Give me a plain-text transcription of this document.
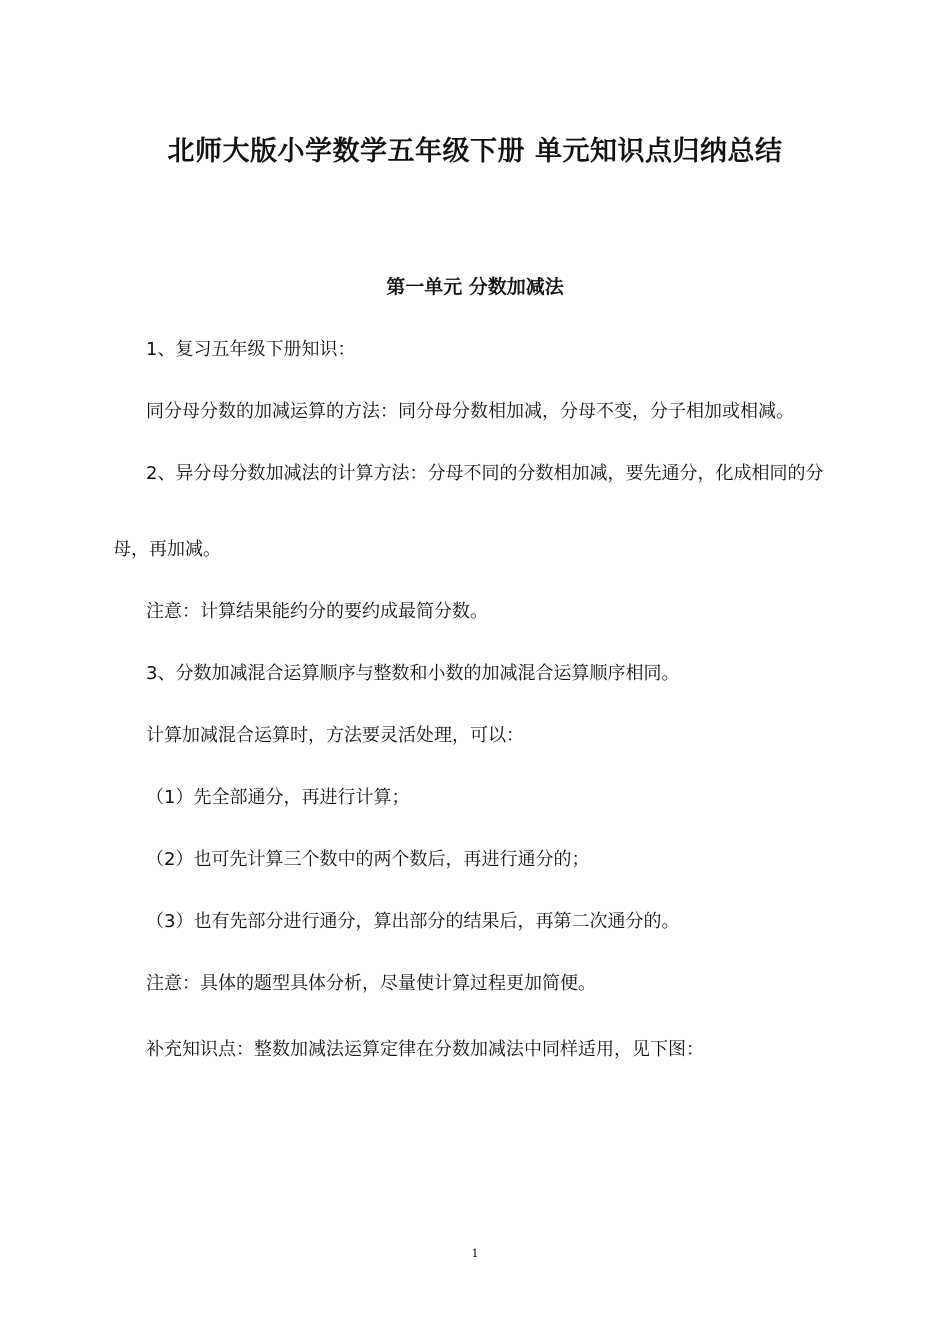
北师大版小学数学五年级下册 单元知识点归纳总结
第一单元 分数加减法

1、复习五年级下册知识：

同分母分数的加减运算的方法：同分母分数相加减，分母不变，分子相加或相减。

2、异分母分数加减法的计算方法：分母不同的分数相加减，要先通分，化成相同的分

母，再加减。

注意：计算结果能约分的要约成最简分数。

3、分数加减混合运算顺序与整数和小数的加减混合运算顺序相同。

计算加减混合运算时，方法要灵活处理，可以：

（1）先全部通分，再进行计算；

（2）也可先计算三个数中的两个数后，再进行通分的；

（3）也有先部分进行通分，算出部分的结果后，再第二次通分的。

注意：具体的题型具体分析，尽量使计算过程更加简便。

补充知识点：整数加减法运算定律在分数加减法中同样适用，见下图：

1
